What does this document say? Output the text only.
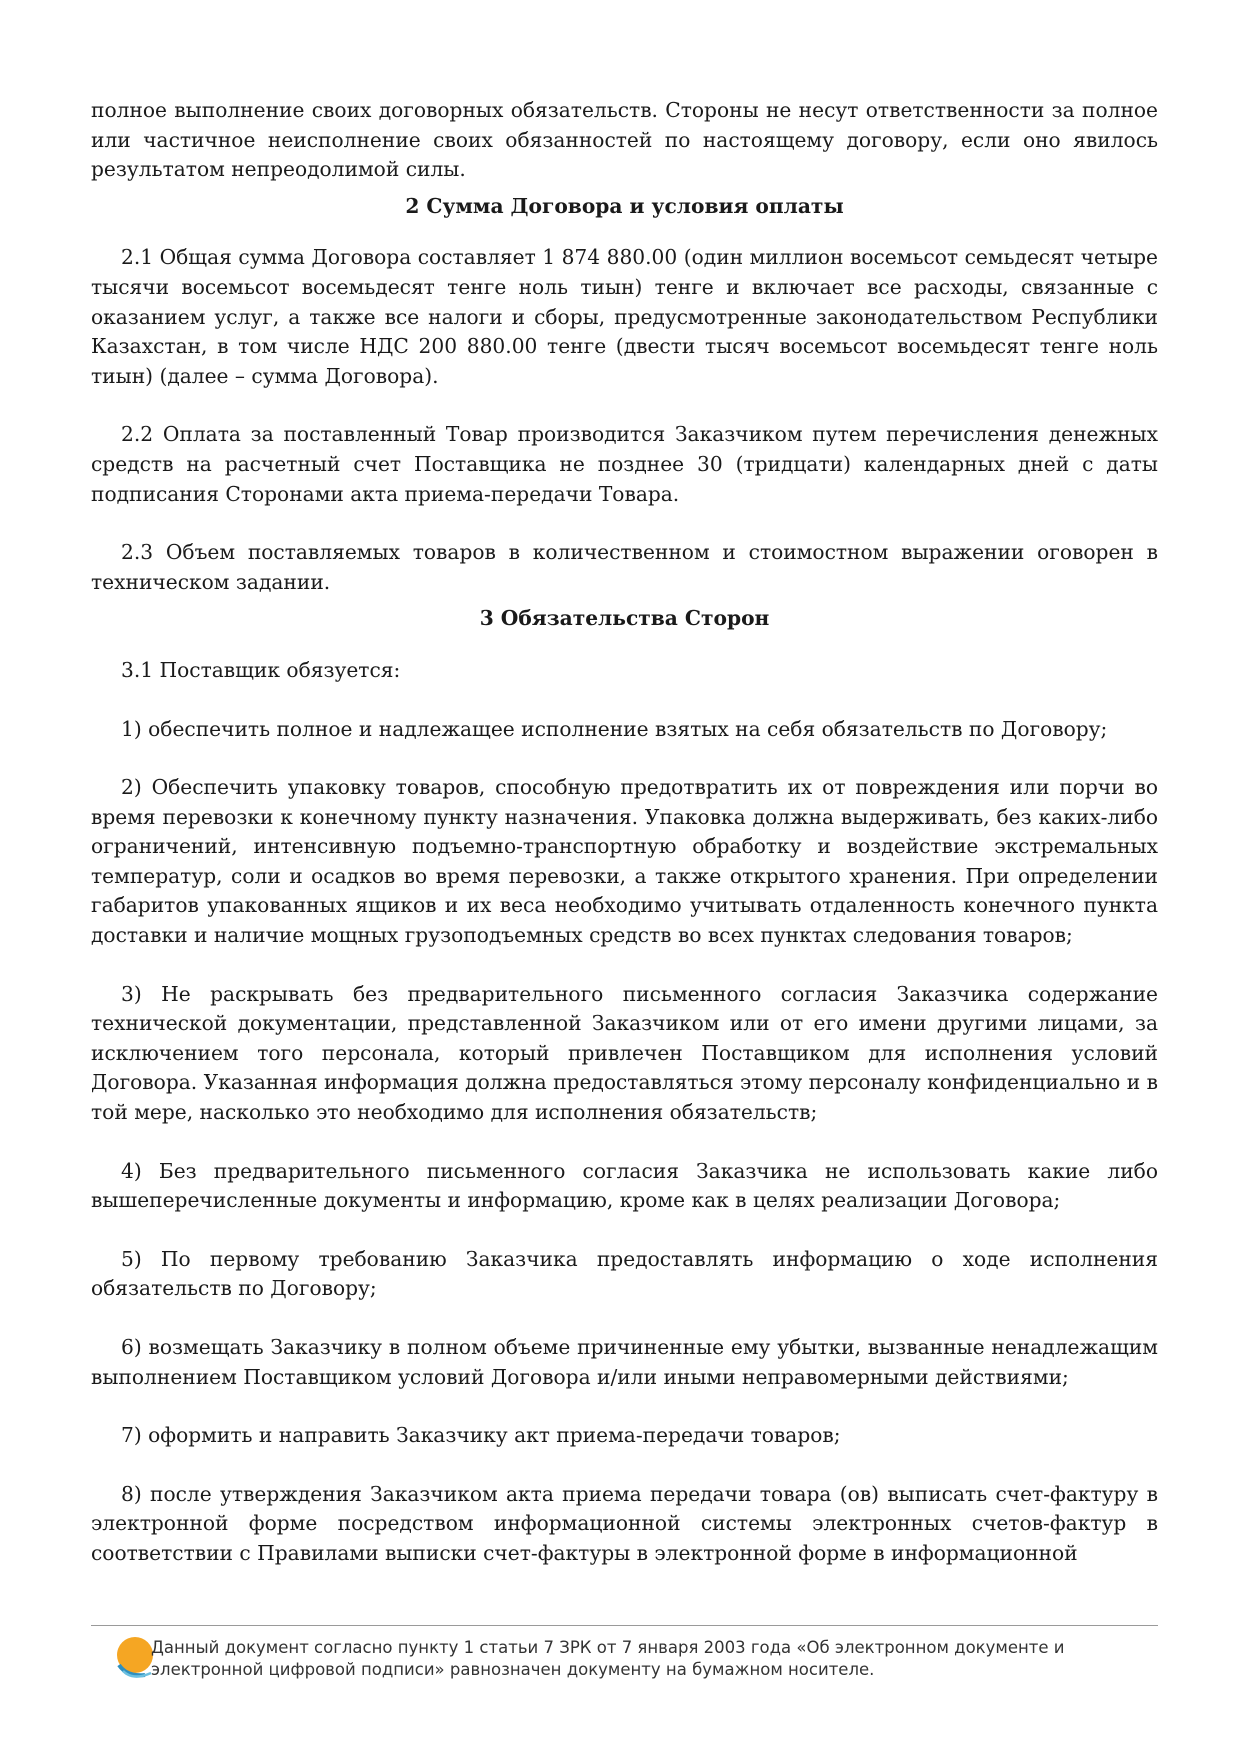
полное выполнение своих договорных обязательств. Стороны не несут ответственности за полное или частичное неисполнение своих обязанностей по настоящему договору, если оно явилось результатом непреодолимой силы.

2 Сумма Договора и условия оплаты

2.1 Общая сумма Договора составляет 1 874 880.00 (один миллион восемьсот семьдесят четыре тысячи восемьсот восемьдесят тенге ноль тиын) тенге и включает все расходы, связанные с оказанием услуг, а также все налоги и сборы, предусмотренные законодательством Республики Казахстан, в том числе НДС 200 880.00 тенге (двести тысяч восемьсот восемьдесят тенге ноль тиын) (далее – сумма Договора).

2.2 Оплата за поставленный Товар производится Заказчиком путем перечисления денежных средств на расчетный счет Поставщика не позднее 30 (тридцати) календарных дней с даты подписания Сторонами акта приема-передачи Товара.

2.3 Объем поставляемых товаров в количественном и стоимостном выражении оговорен в техническом задании.

3 Обязательства Сторон

3.1 Поставщик обязуется:

1) обеспечить полное и надлежащее исполнение взятых на себя обязательств по Договору;

2) Обеспечить упаковку товаров, способную предотвратить их от повреждения или порчи во время перевозки к конечному пункту назначения. Упаковка должна выдерживать, без каких-либо ограничений, интенсивную подъемно-транспортную обработку и воздействие экстремальных температур, соли и осадков во время перевозки, а также открытого хранения. При определении габаритов упакованных ящиков и их веса необходимо учитывать отдаленность конечного пункта доставки и наличие мощных грузоподъемных средств во всех пунктах следования товаров;

3) Не раскрывать без предварительного письменного согласия Заказчика содержание технической документации, представленной Заказчиком или от его имени другими лицами, за исключением того персонала, который привлечен Поставщиком для исполнения условий Договора. Указанная информация должна предоставляться этому персоналу конфиденциально и в той мере, насколько это необходимо для исполнения обязательств;

4) Без предварительного письменного согласия Заказчика не использовать какие либо вышеперечисленные документы и информацию, кроме как в целях реализации Договора;

5) По первому требованию Заказчика предоставлять информацию о ходе исполнения обязательств по Договору;

6) возмещать Заказчику в полном объеме причиненные ему убытки, вызванные ненадлежащим выполнением Поставщиком условий Договора и/или иными неправомерными действиями;

7) оформить и направить Заказчику акт приема-передачи товаров;

8) после утверждения Заказчиком акта приема передачи товара (ов) выписать счет-фактуру в электронной форме посредством информационной системы электронных счетов-фактур в соответствии с Правилами выписки счет-фактуры в электронной форме в информационной

Данный документ согласно пункту 1 статьи 7 ЗРК от 7 января 2003 года «Об электронном документе и электронной цифровой подписи» равнозначен документу на бумажном носителе.
